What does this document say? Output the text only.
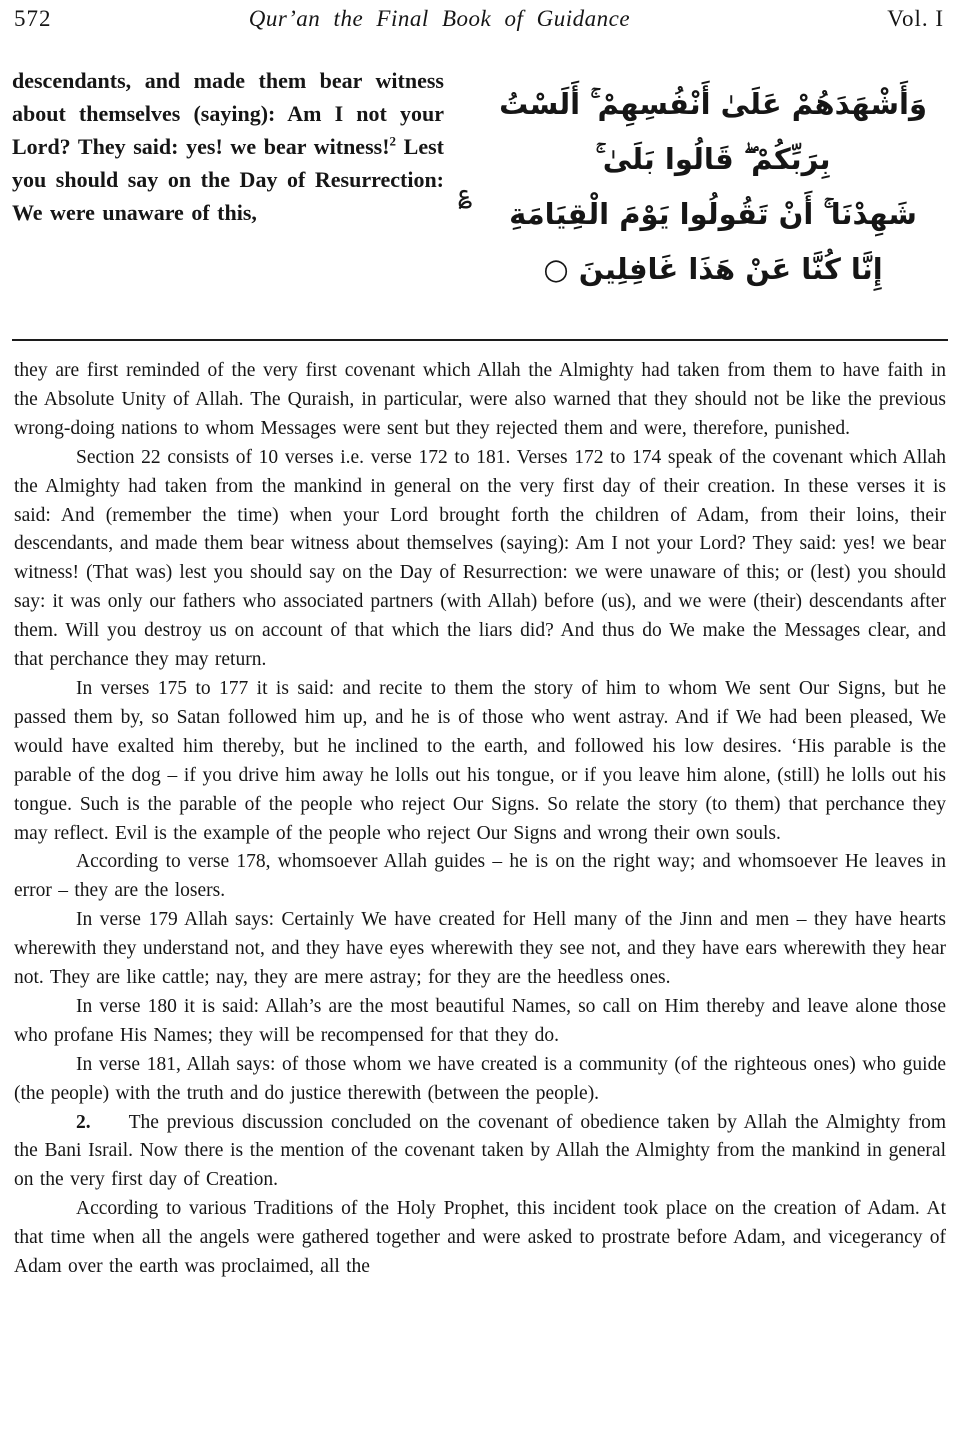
572	Qur’an the Final Book of Guidance	Vol. I
descendants, and made them bear witness about themselves (saying): Am I not your Lord? They said: yes! we bear witness!$^2$ Lest you should say on the Day of Resurrection: We were unaware of this,
؏
وَأَشْهَدَهُمْ عَلَىٰ أَنْفُسِهِمْ ۚ أَلَسْتُ
بِرَبِّكُمْ ۖ قَالُوا بَلَىٰ ۚ
شَهِدْنَا ۚ أَنْ تَقُولُوا يَوْمَ الْقِيَامَةِ
إِنَّا كُنَّا عَنْ هَذَا غَافِلِينَ ○

they are first reminded of the very first covenant which Allah the Almighty had taken from them to have faith in the Absolute Unity of Allah. The Quraish, in particular, were also warned that they should not be like the previous wrong-doing nations to whom Messages were sent but they rejected them and were, therefore, punished.

Section 22 consists of 10 verses i.e. verse 172 to 181. Verses 172 to 174 speak of the covenant which Allah the Almighty had taken from the mankind in general on the very first day of their creation. In these verses it is said: And (remember the time) when your Lord brought forth the children of Adam, from their loins, their descendants, and made them bear witness about themselves (saying): Am I not your Lord? They said: yes! we bear witness! (That was) lest you should say on the Day of Resurrection: we were unaware of this; or (lest) you should say: it was only our fathers who associated partners (with Allah) before (us), and we were (their) descendants after them. Will you destroy us on account of that which the liars did? And thus do We make the Messages clear, and that perchance they may return.

In verses 175 to 177 it is said: and recite to them the story of him to whom We sent Our Signs, but he passed them by, so Satan followed him up, and he is of those who went astray. And if We had been pleased, We would have exalted him thereby, but he inclined to the earth, and followed his low desires. ‘His parable is the parable of the dog – if you drive him away he lolls out his tongue, or if you leave him alone, (still) he lolls out his tongue. Such is the parable of the people who reject Our Signs. So relate the story (to them) that perchance they may reflect. Evil is the example of the people who reject Our Signs and wrong their own souls.

According to verse 178, whomsoever Allah guides – he is on the right way; and whomsoever He leaves in error – they are the losers.

In verse 179 Allah says: Certainly We have created for Hell many of the Jinn and men – they have hearts wherewith they understand not, and they have eyes wherewith they see not, and they have ears wherewith they hear not. They are like cattle; nay, they are mere astray; for they are the heedless ones.

In verse 180 it is said: Allah’s are the most beautiful Names, so call on Him thereby and leave alone those who profane His Names; they will be recompensed for that they do.

In verse 181, Allah says: of those whom we have created is a community (of the righteous ones) who guide (the people) with the truth and do justice therewith (between the people).

2. The previous discussion concluded on the covenant of obedience taken by Allah the Almighty from the Bani Israil. Now there is the mention of the covenant taken by Allah the Almighty from the mankind in general on the very first day of Creation.

According to various Traditions of the Holy Prophet, this incident took place on the creation of Adam. At that time when all the angels were gathered together and were asked to prostrate before Adam, and vicegerancy of Adam over the earth was proclaimed, all the
